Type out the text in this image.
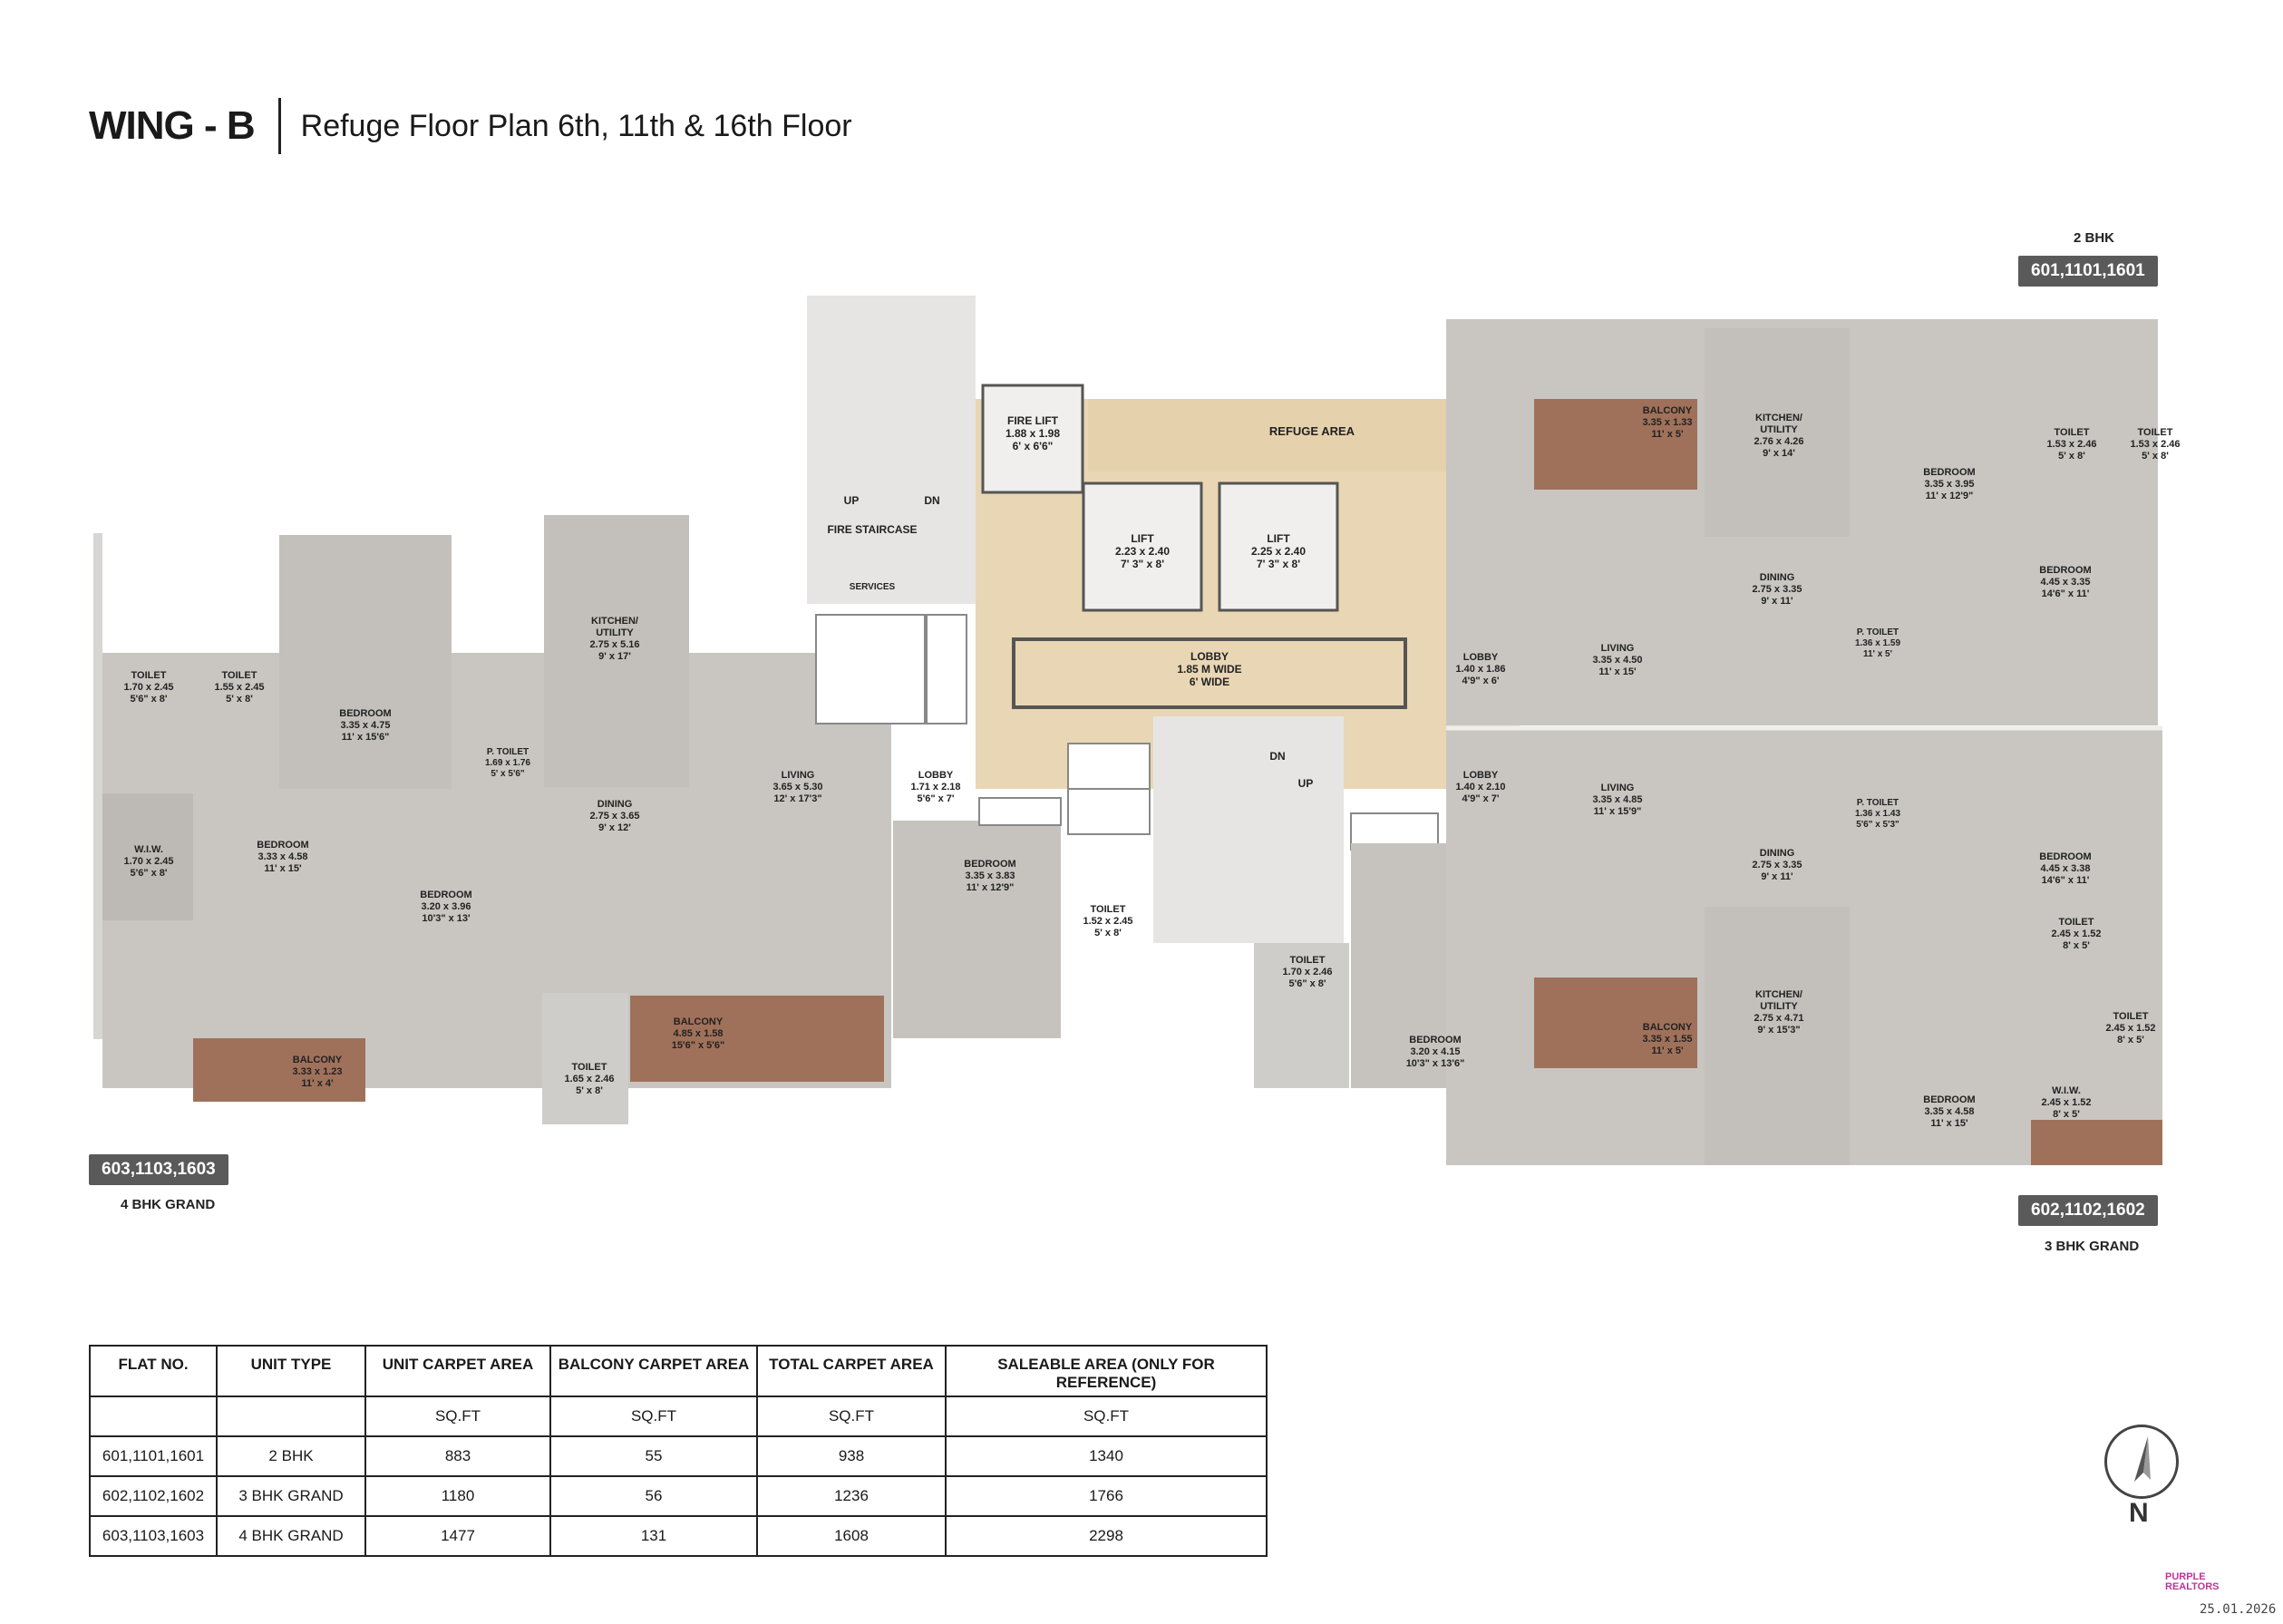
WING - B Refuge Floor Plan 6th, 11th & 16th Floor
REFUGE AREA
FIRE LIFT
1.88 x 1.98
6' x 6'6"
LIFT
2.23 x 2.40
7' 3" x 8'
LIFT
2.25 x 2.40
7' 3" x 8'
FIRE STAIRCASE
SERVICES
LOBBY
1.85 M WIDE
6' WIDE
TOILET
1.70 x 2.45
5'6" x 8'
TOILET
1.55 x 2.45
5' x 8'
BEDROOM
3.35 x 4.75
11' x 15'6"
P. TOILET
1.69 x 1.76
5' x 5'6"
KITCHEN/
UTILITY
2.75 x 5.16
9' x 17'
W.I.W.
1.70 x 2.45
5'6" x 8'
BEDROOM
3.33 x 4.58
11' x 15'
BEDROOM
3.20 x 3.96
10'3" x 13'
DINING
2.75 x 3.65
9' x 12'
LIVING
3.65 x 5.30
12' x 17'3"
LOBBY
1.71 x 2.18
5'6" x 7'
BEDROOM
3.35 x 3.83
11' x 12'9"
TOILET
1.52 x 2.45
5' x 8'
BALCONY
3.33 x 1.23
11' x 4'
BALCONY
4.85 x 1.58
15'6" x 5'6"
TOILET
1.65 x 2.46
5' x 8'
TOILET
1.70 x 2.46
5'6" x 8'
BEDROOM
3.20 x 4.15
10'3" x 13'6"
BALCONY
3.35 x 1.33
11' x 5'
KITCHEN/
UTILITY
2.76 x 4.26
9' x 14'
BEDROOM
3.35 x 3.95
11' x 12'9"
TOILET
1.53 x 2.46
5' x 8'
TOILET
1.53 x 2.46
5' x 8'
LOBBY
1.40 x 1.86
4'9" x 6'
LIVING
3.35 x 4.50
11' x 15'
DINING
2.75 x 3.35
9' x 11'
P. TOILET
1.36 x 1.59
11' x 5'
BEDROOM
4.45 x 3.35
14'6" x 11'
LOBBY
1.40 x 2.10
4'9" x 7'
LIVING
3.35 x 4.85
11' x 15'9"
DINING
2.75 x 3.35
9' x 11'
P. TOILET
1.36 x 1.43
5'6" x 5'3"
BEDROOM
4.45 x 3.38
14'6" x 11'
TOILET
2.45 x 1.52
8' x 5'
TOILET
2.45 x 1.52
8' x 5'
KITCHEN/
UTILITY
2.75 x 4.71
9' x 15'3"
BALCONY
3.35 x 1.55
11' x 5'
BEDROOM
3.35 x 4.58
11' x 15'
W.I.W.
2.45 x 1.52
8' x 5'
UP	DN
DN
UP
601,1101,1601
2 BHK
602,1102,1602
3 BHK GRAND
603,1103,1603
4 BHK GRAND
FLAT NO.	UNIT TYPE	UNIT CARPET AREA	BALCONY CARPET AREA	TOTAL CARPET AREA	SALEABLE AREA (ONLY FOR REFERENCE)
		SQ.FT	SQ.FT	SQ.FT	SQ.FT
601,1101,1601	2 BHK	883	55	938	1340
602,1102,1602	3 BHK GRAND	1180	56	1236	1766
603,1103,1603	4 BHK GRAND	1477	131	1608	2298
N
PURPLE REALTORS
25.01.2026
